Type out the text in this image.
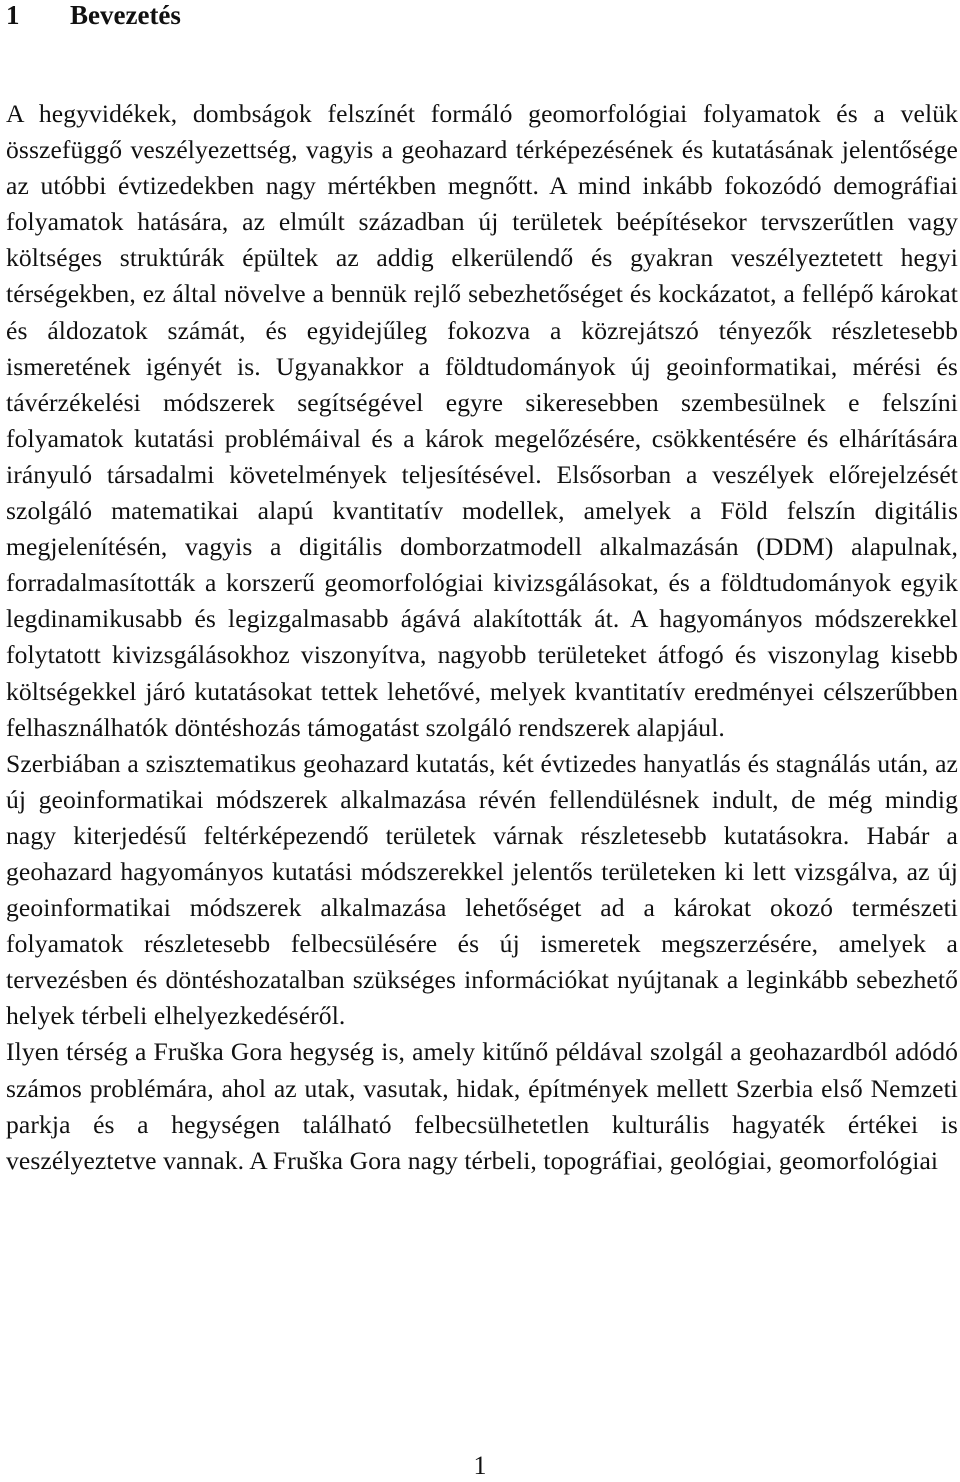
1	Bevezetés

A hegyvidékek, dombságok felszínét formáló geomorfológiai folyamatok és a velük összefüggő veszélyezettség, vagyis a geohazard térképezésének és kutatásának jelentősége az utóbbi évtizedekben nagy mértékben megnőtt. A mind inkább fokozódó demográfiai folyamatok hatására, az elmúlt században új területek beépítésekor tervszerűtlen vagy költséges struktúrák épültek az addig elkerülendő és gyakran veszélyeztetett hegyi térségekben, ez által növelve a bennük rejlő sebezhetőséget és kockázatot, a fellépő károkat és áldozatok számát, és egyidejűleg fokozva a közrejátszó tényezők részletesebb ismeretének igényét is. Ugyanakkor a földtudományok új geoinformatikai, mérési és távérzékelési módszerek segítségével egyre sikeresebben szembesülnek e felszíni folyamatok kutatási problémáival és a károk megelőzésére, csökkentésére és elhárítására irányuló társadalmi követelmények teljesítésével. Elsősorban a veszélyek előrejelzését szolgáló matematikai alapú kvantitatív modellek, amelyek a Föld felszín digitális megjelenítésén, vagyis a digitális domborzatmodell alkalmazásán (DDM) alapulnak, forradalmasították a korszerű geomorfológiai kivizsgálásokat, és a földtudományok egyik legdinamikusabb és legizgalmasabb ágává alakították át. A hagyományos módszerekkel folytatott kivizsgálásokhoz viszonyítva, nagyobb területeket átfogó és viszonylag kisebb költségekkel járó kutatásokat tettek lehetővé, melyek kvantitatív eredményei célszerűbben felhasználhatók döntéshozás támogatást szolgáló rendszerek alapjául.

Szerbiában a szisztematikus geohazard kutatás, két évtizedes hanyatlás és stagnálás után, az új geoinformatikai módszerek alkalmazása révén fellendülésnek indult, de még mindig nagy kiterjedésű feltérképezendő területek várnak részletesebb kutatásokra. Habár a geohazard hagyományos kutatási módszerekkel jelentős területeken ki lett vizsgálva, az új geoinformatikai módszerek alkalmazása lehetőséget ad a károkat okozó természeti folyamatok részletesebb felbecsülésére és új ismeretek megszerzésére, amelyek a tervezésben és döntéshozatalban szükséges információkat nyújtanak a leginkább sebezhető helyek térbeli elhelyezkedéséről.

Ilyen térség a Fruška Gora hegység is, amely kitűnő példával szolgál a geohazardból adódó számos problémára, ahol az utak, vasutak, hidak, építmények mellett Szerbia első Nemzeti parkja és a hegységen található felbecsülhetetlen kulturális hagyaték értékei is veszélyeztetve vannak. A Fruška Gora nagy térbeli, topográfiai, geológiai, geomorfológiai

1
